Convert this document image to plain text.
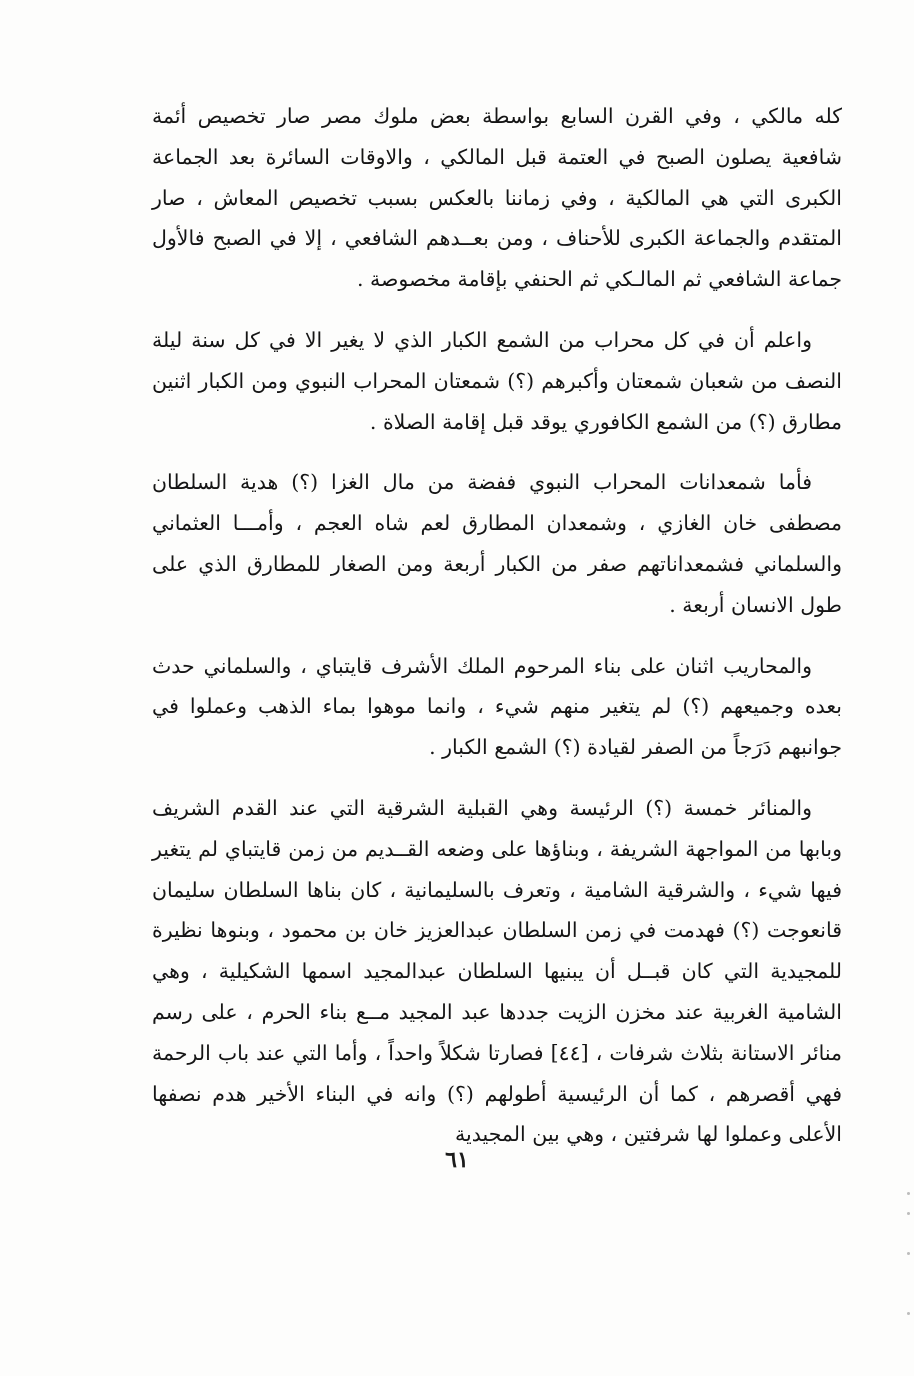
كله مالكي ، وفي القرن السابع بواسطة بعض ملوك مصر صار تخصيص أئمة شافعية يصلون الصبح في العتمة قبل المالكي ، والاوقات السائرة بعد الجماعة الكبرى التي هي المالكية ، وفي زماننا بالعكس بسبب تخصيص المعاش ، صار المتقدم والجماعة الكبرى للأحناف ، ومن بعــدهم الشافعي ، إلا في الصبح فالأول جماعة الشافعي ثم المالـكي ثم الحنفي بإقامة مخصوصة .

واعلم أن في كل محراب من الشمع الكبار الذي لا يغير الا في كل سنة ليلة النصف من شعبان شمعتان وأكبرهم (؟) شمعتان المحراب النبوي ومن الكبار اثنين مطارق (؟) من الشمع الكافوري يوقد قبل إقامة الصلاة .

فأما شمعدانات المحراب النبوي ففضة من مال الغزا (؟) هدية السلطان مصطفى خان الغازي ، وشمعدان المطارق لعم شاه العجم ، وأمـــا العثماني والسلماني فشمعداناتهم صفر من الكبار أربعة ومن الصغار للمطارق الذي على طول الانسان أربعة .

والمحاريب اثنان على بناء المرحوم الملك الأشرف قايتباي ، والسلماني حدث بعده وجميعهم (؟) لم يتغير منهم شيء ، وانما موهوا بماء الذهب وعملوا في جوانبهم دَرَجاً من الصفر لقيادة (؟) الشمع الكبار .

والمنائر خمسة (؟) الرئيسة وهي القبلية الشرقية التي عند القدم الشريف وبابها من المواجهة الشريفة ، وبناؤها على وضعه القــديم من زمن قايتباي لم يتغير فيها شيء ، والشرقية الشامية ، وتعرف بالسليمانية ، كان بناها السلطان سليمان قانعوجت (؟) فهدمت في زمن السلطان عبدالعزيز خان بن محمود ، وبنوها نظيرة للمجيدية التي كان قبــل أن يبنيها السلطان عبدالمجيد اسمها الشكيلية ، وهي الشامية الغربية عند مخزن الزيت جددها عبد المجيد مــع بناء الحرم ، على رسم منائر الاستانة بثلاث شرفات ، [٤٤] فصارتا شكلاً واحداً ، وأما التي عند باب الرحمة فهي أقصرهم ، كما أن الرئيسية أطولهم (؟) وانه في البناء الأخير هدم نصفها الأعلى وعملوا لها شرفتين ، وهي بين المجيدية

٦١
